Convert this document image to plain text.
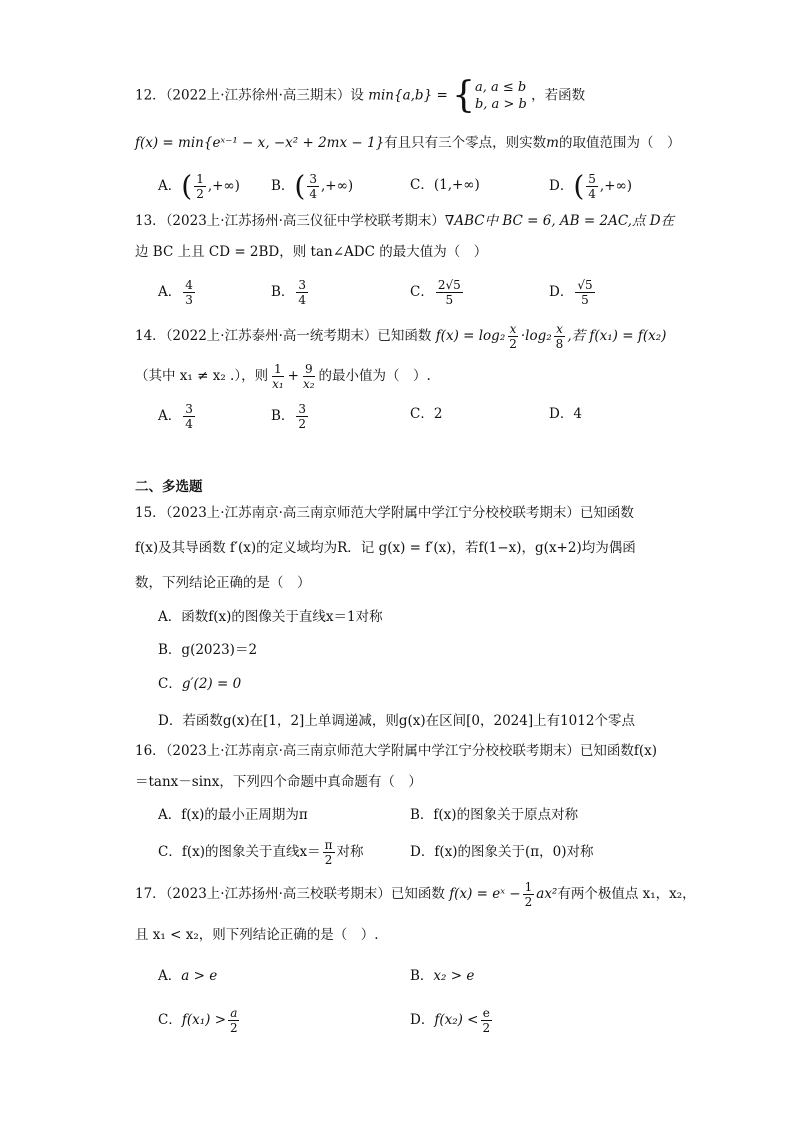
12．（2022上·江苏徐州·高三期末）设 min{a,b} = { a, a ≤ b
b, a > b
，若函数
f(x) = min{eˣ⁻¹ − x, −x² + 2mx − 1}有且只有三个零点，则实数m的取值范围为（　）
A．( $\frac{1}{2}$ ,+∞) B．( $\frac{3}{4}$ ,+∞)	C．(1,+∞)	D．( $\frac{5}{4}$ ,+∞)
13．（2023上·江苏扬州·高三仪征中学校联考期末）∇ABC中 BC = 6, AB = 2AC,点 D在
边 BC 上且 CD = 2BD，则 tan∠ADC 的最大值为（　）
A． $\frac{4}{3}$	B． $\frac{3}{4}$	C． $\frac{2√5}{5}$	D． $\frac{√5}{5}$
14．（2022上·江苏泰州·高一统考期末）已知函数 $f(x) = \log_2 \frac{x}{2} \cdot\log_2 \frac{x}{8}$ ,若 f(x₁) = f(x₂)
（其中 x₁ ≠ x₂ .），则 $\frac{1}{\text{x₁}} + \frac{9}{\text{x₂}}$ 的最小值为（　）.
A． $\frac{3}{4}$	B． $\frac{3}{2}$	C．2	D．4
二、多选题
15．（2023上·江苏南京·高三南京师范大学附属中学江宁分校校联考期末）已知函数
f(x)及其导函数 f′(x)的定义域均为R．记 g(x) = f′(x)，若f(1−x)，g(x+2)均为偶函
数，下列结论正确的是（　）
A．函数f(x)的图像关于直线x＝1对称
B．g(2023)＝2
C．g′(2) = 0
D．若函数g(x)在[1，2]上单调递减，则g(x)在区间[0，2024]上有1012个零点
16．（2023上·江苏南京·高三南京师范大学附属中学江宁分校校联考期末）已知函数f(x)
＝tanx－sinx，下列四个命题中真命题有（　）
A．f(x)的最小正周期为π	B．f(x)的图象关于原点对称
C．f(x)的图象关于直线$x= \frac{\pi}{2}$ 对称	D．f(x)的图象关于(π，0)对称
17．（2023上·江苏扬州·高三校联考期末）已知函数 f(x) = eˣ − $\frac{1}{2} ax^2$有两个极值点 x₁，x₂，
且 x₁ < x₂，则下列结论正确的是（　）.
A．a > e	B．x₂ > e
C．$f(x_1) > \frac{a}{2}$	D．$f(x_2) < \frac{e}{2}$
